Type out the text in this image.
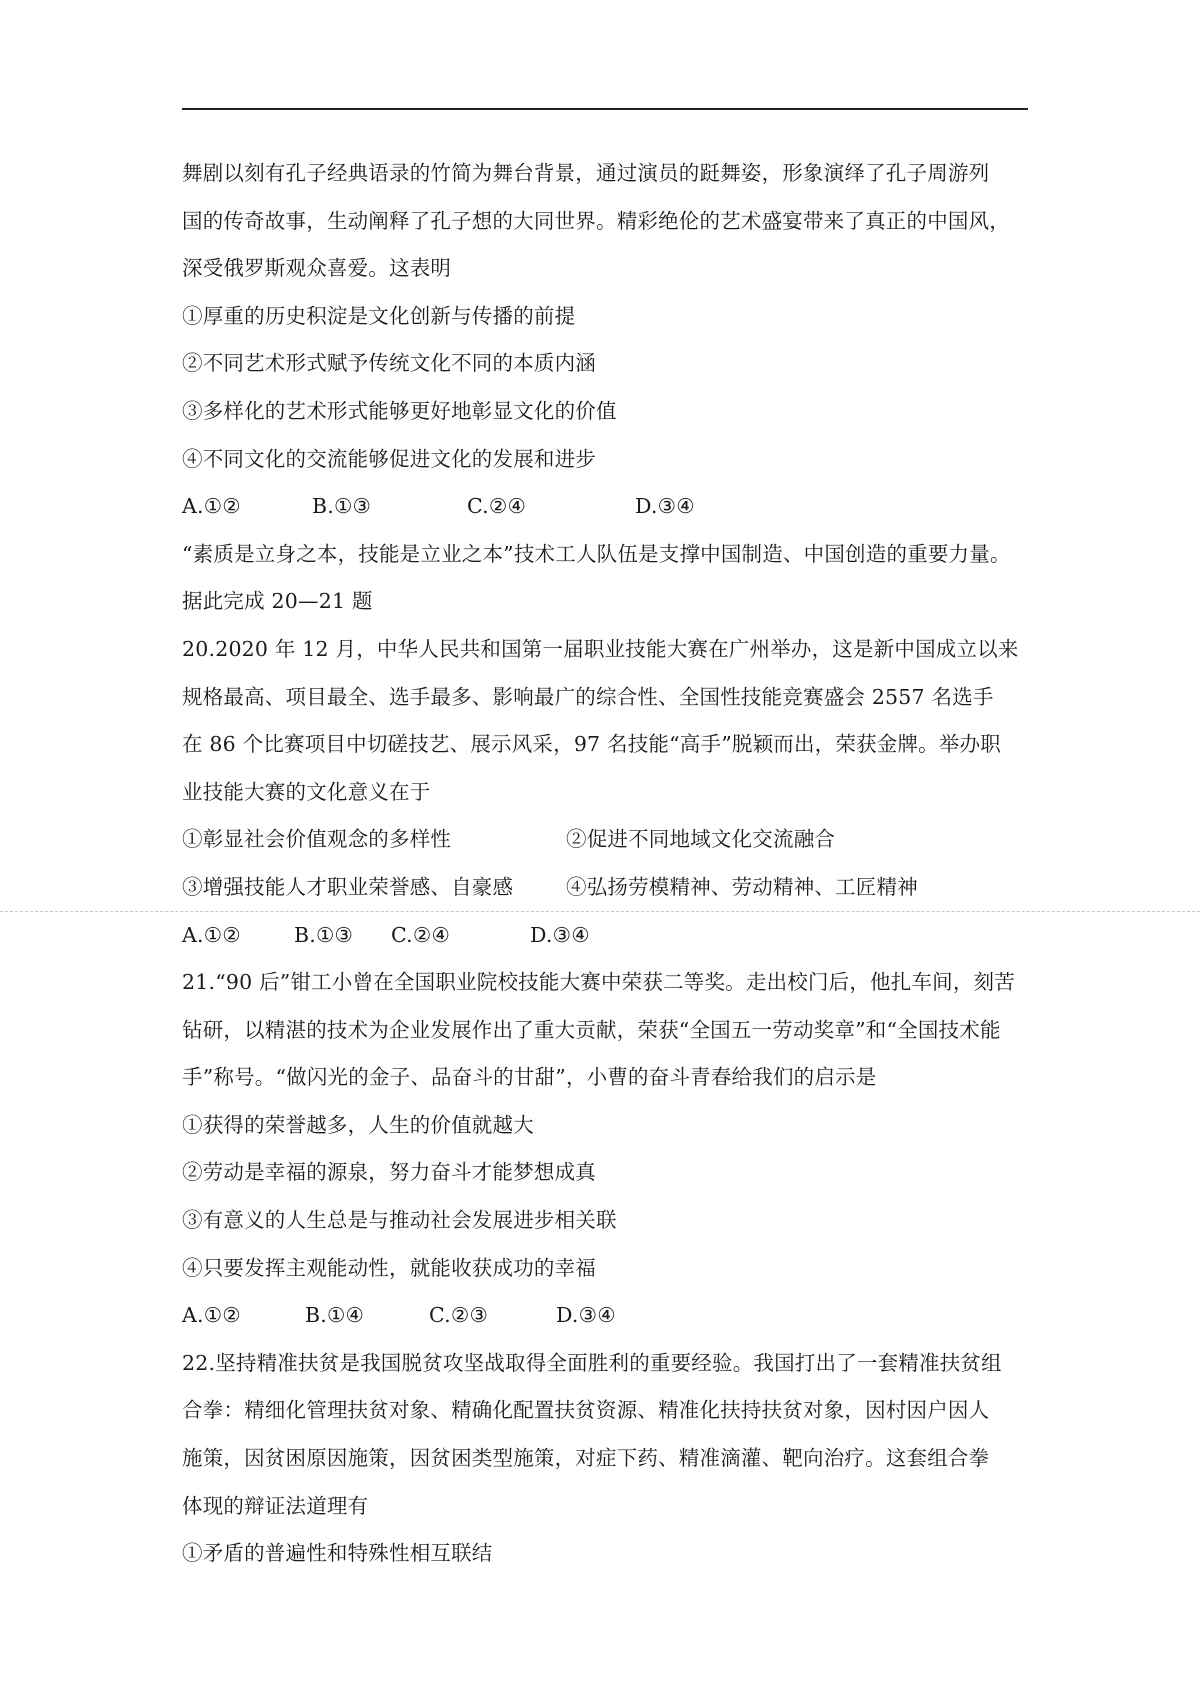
舞剧以刻有孔子经典语录的竹简为舞台背景，通过演员的跹舞姿，形象演绎了孔子周游列
国的传奇故事，生动阐释了孔子想的大同世界。精彩绝伦的艺术盛宴带来了真正的中国风，
深受俄罗斯观众喜爱。这表明
①厚重的历史积淀是文化创新与传播的前提
②不同艺术形式赋予传统文化不同的本质内涵
③多样化的艺术形式能够更好地彰显文化的价值
④不同文化的交流能够促进文化的发展和进步
A.①②	B.①③	C.②④	D.③④
“素质是立身之本，技能是立业之本”技术工人队伍是支撑中国制造、中国创造的重要力量。
据此完成 20—21 题
20.2020 年 12 月，中华人民共和国第一届职业技能大赛在广州举办，这是新中国成立以来
规格最高、项目最全、选手最多、影响最广的综合性、全国性技能竞赛盛会 2557 名选手
在 86 个比赛项目中切磋技艺、展示风采，97 名技能“高手”脱颖而出，荣获金牌。举办职
业技能大赛的文化意义在于
①彰显社会价值观念的多样性	②促进不同地域文化交流融合
③增强技能人才职业荣誉感、自豪感	④弘扬劳模精神、劳动精神、工匠精神
A.①②	B.①③ C.②④	D.③④
21.“90 后”钳工小曾在全国职业院校技能大赛中荣获二等奖。走出校门后，他扎车间，刻苦
钻研，以精湛的技术为企业发展作出了重大贡献，荣获“全国五一劳动奖章”和“全国技术能
手”称号。“做闪光的金子、品奋斗的甘甜”，小曹的奋斗青春给我们的启示是
①获得的荣誉越多，人生的价值就越大
②劳动是幸福的源泉，努力奋斗才能梦想成真
③有意义的人生总是与推动社会发展进步相关联
④只要发挥主观能动性，就能收获成功的幸福
A.①②	B.①④	C.②③	D.③④
22.坚持精准扶贫是我国脱贫攻坚战取得全面胜利的重要经验。我国打出了一套精准扶贫组
合拳：精细化管理扶贫对象、精确化配置扶贫资源、精准化扶持扶贫对象，因村因户因人
施策，因贫困原因施策，因贫困类型施策，对症下药、精准滴灌、靶向治疗。这套组合拳
体现的辩证法道理有
①矛盾的普遍性和特殊性相互联结
